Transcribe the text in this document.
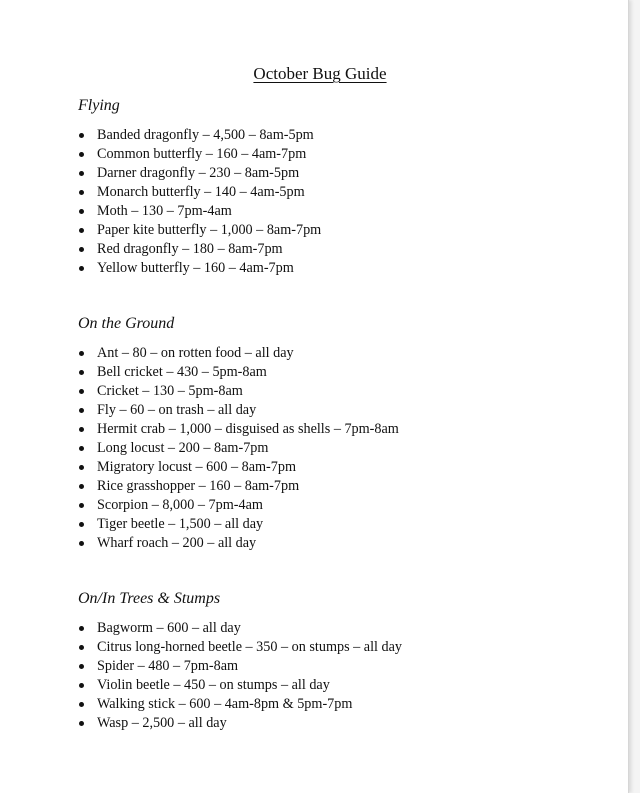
October Bug Guide
Flying
Banded dragonfly – 4,500 – 8am-5pm
Common butterfly – 160 – 4am-7pm
Darner dragonfly – 230 – 8am-5pm
Monarch butterfly – 140 – 4am-5pm
Moth – 130 – 7pm-4am
Paper kite butterfly – 1,000 – 8am-7pm
Red dragonfly – 180 – 8am-7pm
Yellow butterfly – 160 – 4am-7pm
On the Ground
Ant – 80 – on rotten food – all day
Bell cricket – 430 – 5pm-8am
Cricket – 130 – 5pm-8am
Fly – 60 – on trash – all day
Hermit crab – 1,000 – disguised as shells – 7pm-8am
Long locust – 200 – 8am-7pm
Migratory locust – 600 – 8am-7pm
Rice grasshopper – 160 – 8am-7pm
Scorpion – 8,000 – 7pm-4am
Tiger beetle – 1,500 – all day
Wharf roach – 200 – all day
On/In Trees & Stumps
Bagworm – 600 – all day
Citrus long-horned beetle – 350 – on stumps – all day
Spider – 480 – 7pm-8am
Violin beetle – 450 – on stumps – all day
Walking stick – 600 – 4am-8pm & 5pm-7pm
Wasp – 2,500 – all day
